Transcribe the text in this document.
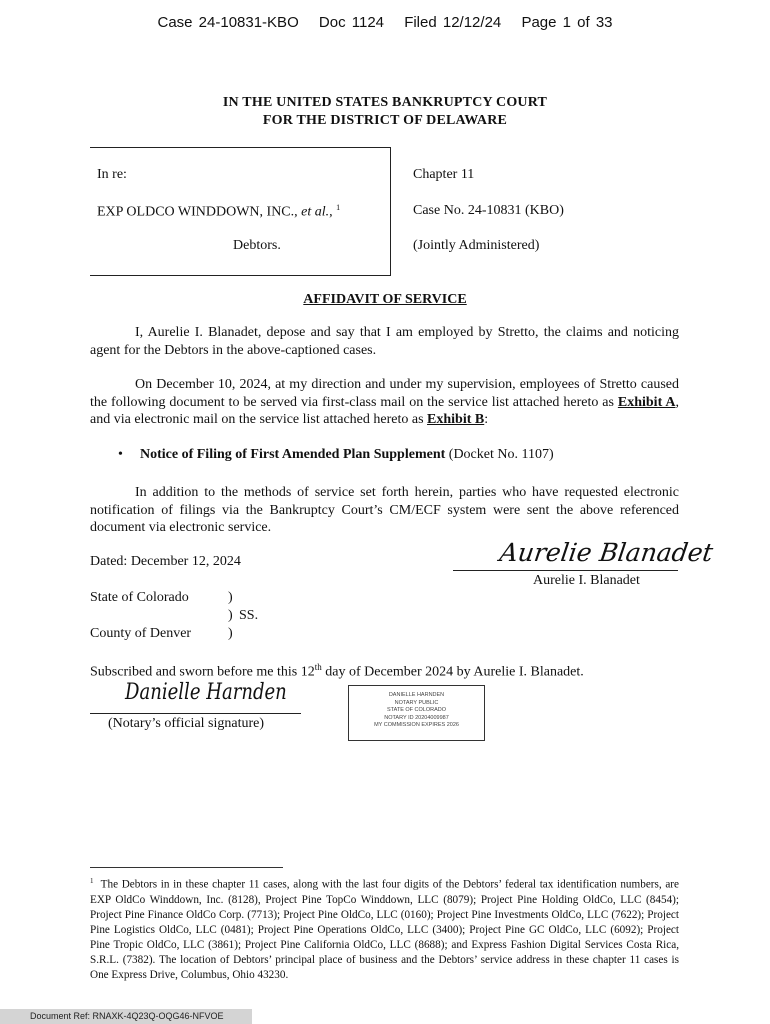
Case 24-10831-KBO Doc 1124 Filed 12/12/24 Page 1 of 33
IN THE UNITED STATES BANKRUPTCY COURT
FOR THE DISTRICT OF DELAWARE
In re:
EXP OLDCO WINDDOWN, INC., et al., $^1$
Debtors.
Chapter 11
Case No. 24-10831 (KBO)
(Jointly Administered)
AFFIDAVIT OF SERVICE
I, Aurelie I. Blanadet, depose and say that I am employed by Stretto, the claims and noticing agent for the Debtors in the above-captioned cases.
On December 10, 2024, at my direction and under my supervision, employees of Stretto caused the following document to be served via first-class mail on the service list attached hereto as Exhibit A, and via electronic mail on the service list attached hereto as Exhibit B:
• Notice of Filing of First Amended Plan Supplement (Docket No. 1107)
In addition to the methods of service set forth herein, parties who have requested electronic notification of filings via the Bankruptcy Court’s CM/ECF system were sent the above referenced document via electronic service.
Dated: December 12, 2024	Aurelie Blanadet
Aurelie I. Blanadet
State of Colorado	)
) SS.
County of Denver	)
Subscribed and sworn before me this 12th day of December 2024 by Aurelie I. Blanadet.
Danielle Harnden
(Notary’s official signature)
DANIELLE HARNDEN
NOTARY PUBLIC
STATE OF COLORADO
NOTARY ID 20204009987
MY COMMISSION EXPIRES 2026
$^1$ The Debtors in in these chapter 11 cases, along with the last four digits of the Debtors’ federal tax identification numbers, are EXP OldCo Winddown, Inc. (8128), Project Pine TopCo Winddown, LLC (8079); Project Pine Holding OldCo, LLC (8454); Project Pine Finance OldCo Corp. (7713); Project Pine OldCo, LLC (0160); Project Pine Investments OldCo, LLC (7622); Project Pine Logistics OldCo, LLC (0481); Project Pine Operations OldCo, LLC (3400); Project Pine GC OldCo, LLC (6092); Project Pine Tropic OldCo, LLC (3861); Project Pine California OldCo, LLC (8688); and Express Fashion Digital Services Costa Rica, S.R.L. (7382). The location of Debtors’ principal place of business and the Debtors’ service address in these chapter 11 cases is One Express Drive, Columbus, Ohio 43230.
Document Ref: RNAXK-4Q23Q-OQG46-NFVOE
